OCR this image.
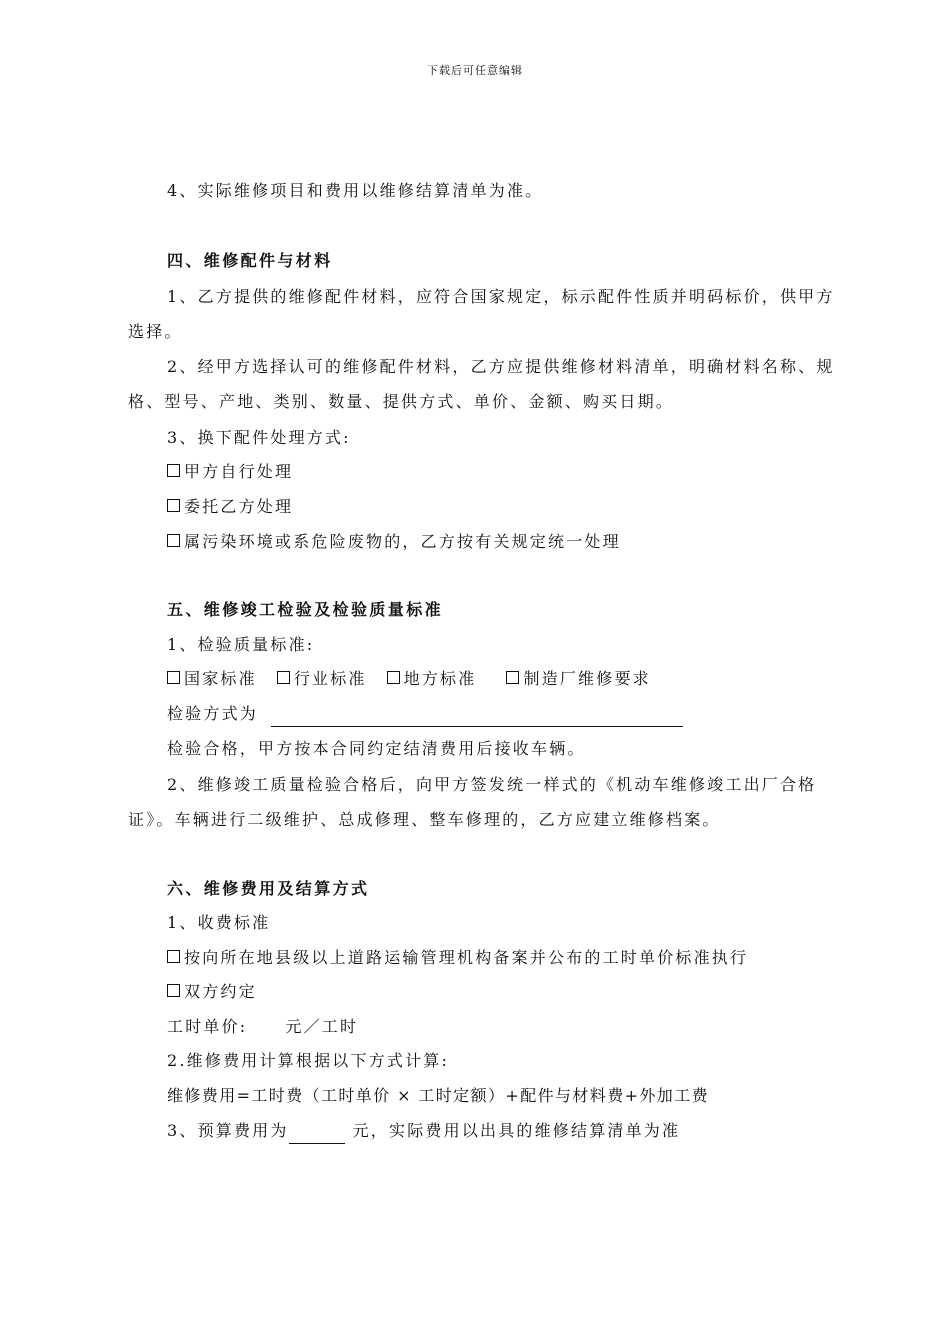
下载后可任意编辑
4、实际维修项目和费用以维修结算清单为准。
四、维修配件与材料
1、乙方提供的维修配件材料，应符合国家规定，标示配件性质并明码标价，供甲方选择。
2、经甲方选择认可的维修配件材料，乙方应提供维修材料清单，明确材料名称、规格、型号、产地、类别、数量、提供方式、单价、金额、购买日期。
3、换下配件处理方式:
甲方自行处理
委托乙方处理
属污染环境或系危险废物的，乙方按有关规定统一处理
五、维修竣工检验及检验质量标准
1、检验质量标准:
国家标准 行业标准 地方标准	制造厂维修要求
检验方式为
检验合格，甲方按本合同约定结清费用后接收车辆。
2、维修竣工质量检验合格后，向甲方签发统一样式的《机动车维修竣工出厂合格证》。车辆进行二级维护、总成修理、整车修理的，乙方应建立维修档案。
六、维修费用及结算方式
1、收费标准
按向所在地县级以上道路运输管理机构备案并公布的工时单价标准执行
双方约定
工时单价: 元／工时
2.维修费用计算根据以下方式计算:
维修费用=工时费（工时单价 × 工时定额）+配件与材料费+外加工费
3、预算费用为	元，实际费用以出具的维修结算清单为准
